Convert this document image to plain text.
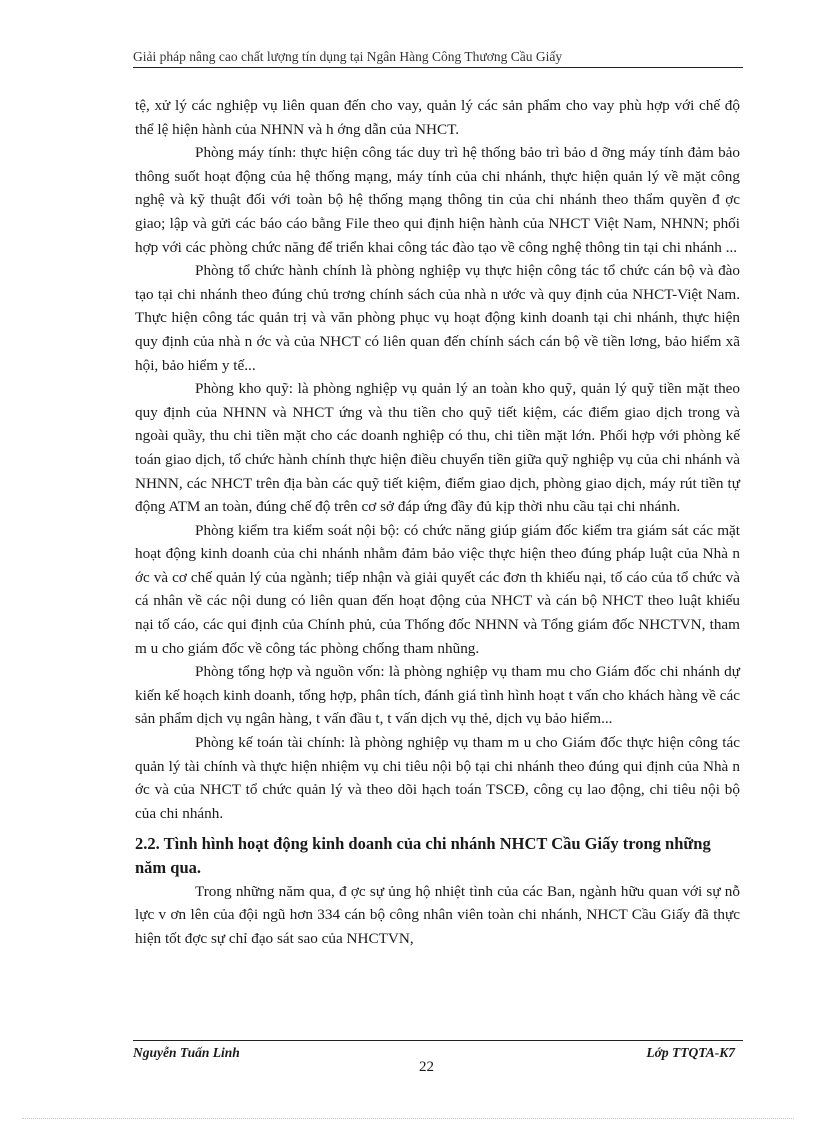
Giải pháp nâng cao chất lượng tín dụng tại Ngân Hàng Công Thương Cầu Giấy

tệ, xử lý các nghiệp vụ liên quan đến cho vay, quản lý các sản phẩm cho vay phù hợp với chế độ thể lệ hiện hành của NHNN và h ớng dẫn của NHCT.

Phòng máy tính: thực hiện công tác duy trì hệ thống bảo trì bảo d ỡng máy tính đảm bảo thông suốt hoạt động của hệ thống mạng, máy tính của chi nhánh, thực hiện quản lý về mặt công nghệ và kỹ thuật đối với toàn bộ hệ thống mạng thông tin của chi nhánh theo thẩm quyền đ ợc giao; lập và gửi các báo cáo bằng File theo qui định hiện hành của NHCT Việt Nam, NHNN; phối hợp với các phòng chức năng để triển khai công tác đào tạo về công nghệ thông tin tại chi nhánh ...

Phòng tổ chức hành chính là phòng nghiệp vụ thực hiện công tác tổ chức cán bộ và đào tạo tại chi nhánh theo đúng chủ trơng chính sách của nhà n ước và quy định của NHCT-Việt Nam. Thực hiện công tác quản trị và văn phòng phục vụ hoạt động kinh doanh tại chi nhánh, thực hiện quy định của nhà n ớc và của NHCT có liên quan đến chính sách cán bộ về tiền lơng, bảo hiểm xã hội, bảo hiểm y tế...

Phòng kho quỹ: là phòng nghiệp vụ quản lý an toàn kho quỹ, quản lý quỹ tiền mặt theo quy định của NHNN và NHCT ứng và thu tiền cho quỹ tiết kiệm, các điểm giao dịch trong và ngoài quầy, thu chi tiền mặt cho các doanh nghiệp có thu, chi tiền mặt lớn. Phối hợp với phòng kế toán giao dịch, tổ chức hành chính thực hiện điều chuyển tiền giữa quỹ nghiệp vụ của chi nhánh và NHNN, các NHCT trên địa bàn các quỹ tiết kiệm, điểm giao dịch, phòng giao dịch, máy rút tiền tự động ATM an toàn, đúng chế độ trên cơ sở đáp ứng đầy đủ kịp thời nhu cầu tại chi nhánh.

Phòng kiểm tra kiểm soát nội bộ: có chức năng giúp giám đốc kiểm tra giám sát các mặt hoạt động kinh doanh của chi nhánh nhằm đảm bảo việc thực hiện theo đúng pháp luật của Nhà n ớc và cơ chế quản lý của ngành; tiếp nhận và giải quyết các đơn th khiếu nại, tố cáo của tổ chức và cá nhân về các nội dung có liên quan đến hoạt động của NHCT và cán bộ NHCT theo luật khiếu nại tố cáo, các qui định của Chính phủ, của Thống đốc NHNN và Tổng giám đốc NHCTVN, tham m u cho giám đốc về công tác phòng chống tham nhũng.

Phòng tổng hợp và nguồn vốn: là phòng nghiệp vụ tham mu cho Giám đốc chi nhánh dự kiến kế hoạch kinh doanh, tổng hợp, phân tích, đánh giá tình hình hoạt t vấn cho khách hàng về các sản phẩm dịch vụ ngân hàng, t vấn đầu t, t vấn dịch vụ thẻ, dịch vụ bảo hiểm...

Phòng kế toán tài chính: là phòng nghiệp vụ tham m u cho Giám đốc thực hiện công tác quản lý tài chính và thực hiện nhiệm vụ chi tiêu nội bộ tại chi nhánh theo đúng qui định của Nhà n ớc và của NHCT tổ chức quản lý và theo dõi hạch toán TSCĐ, công cụ lao động, chi tiêu nội bộ của chi nhánh.

2.2. Tình hình hoạt động kinh doanh của chi nhánh NHCT Cầu Giấy trong những năm qua.

Trong những năm qua, đ ợc sự ủng hộ nhiệt tình của các Ban, ngành hữu quan với sự nỗ lực v ơn lên của đội ngũ hơn 334 cán bộ công nhân viên toàn chi nhánh, NHCT Cầu Giấy đã thực hiện tốt đợc sự chỉ đạo sát sao của NHCTVN,

Nguyễn Tuấn Linh	Lớp TTQTA-K7
22
